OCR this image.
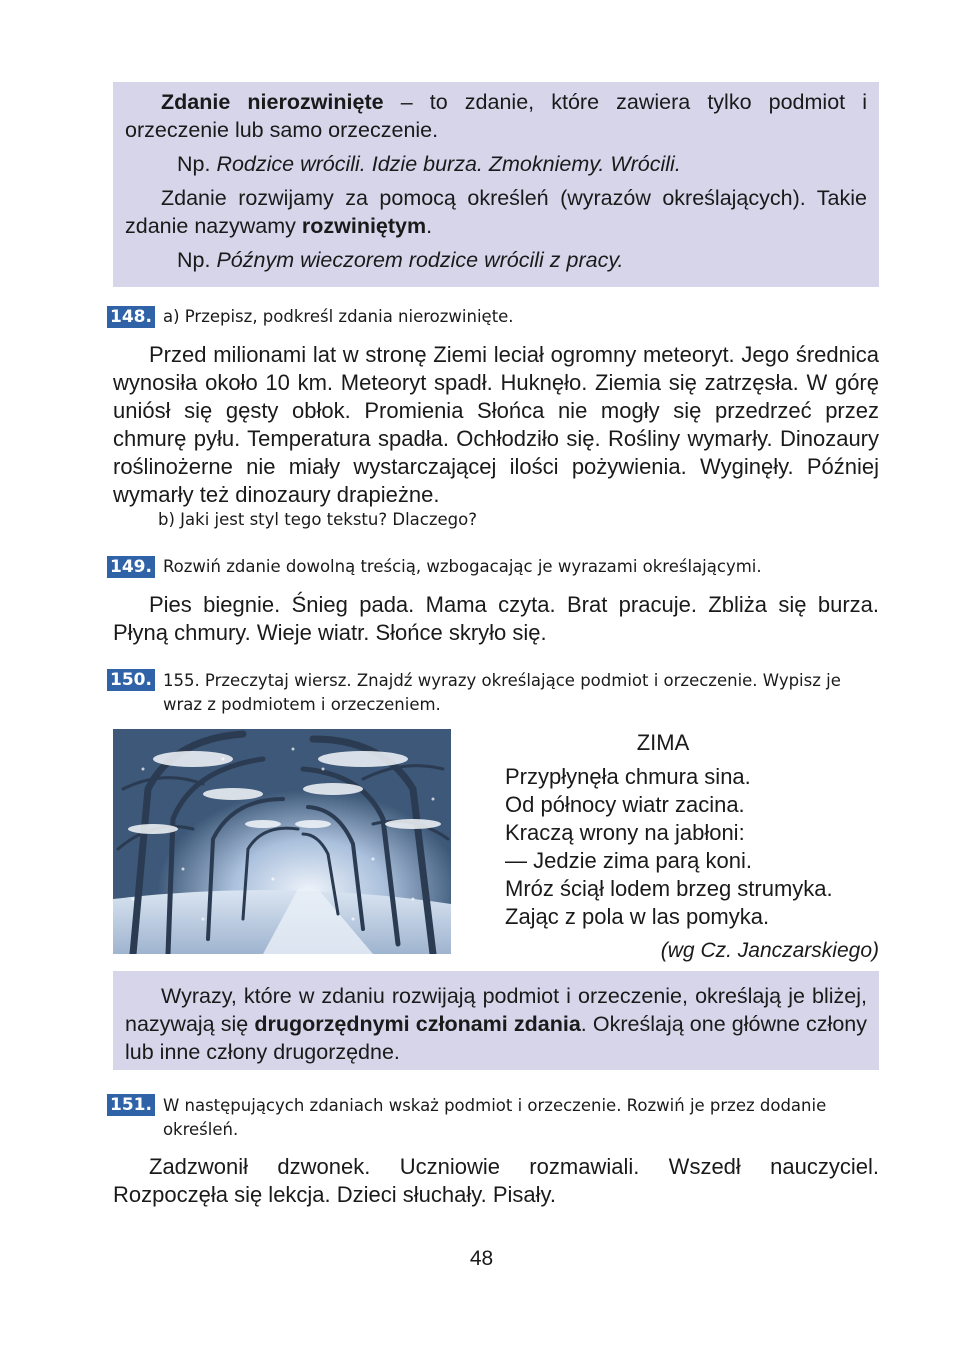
Zdanie nierozwinięte – to zdanie, które zawiera tylko podmiot i orzeczenie lub samo orzeczenie.

Np. Rodzice wrócili. Idzie burza. Zmokniemy. Wrócili.

Zdanie rozwijamy za pomocą określeń (wyrazów określających). Takie zdanie nazywamy rozwiniętym.

Np. Późnym wieczorem rodzice wrócili z pracy.

148. a) Przepisz, podkreśl zdania nierozwinięte.

Przed milionami lat w stronę Ziemi leciał ogromny meteoryt. Jego średnica wynosiła około 10 km. Meteoryt spadł. Huknęło. Ziemia się zatrzęsła. W górę uniósł się gęsty obłok. Promienia Słońca nie mogły się przedrzeć przez chmurę pyłu. Temperatura spadła. Ochłodziło się. Rośliny wymarły. Dinozaury roślinożerne nie miały wystarczającej ilości pożywienia. Wyginęły. Później wymarły też dinozaury drapieżne.

b) Jaki jest styl tego tekstu? Dlaczego?
149. Rozwiń zdanie dowolną treścią, wzbogacając je wyrazami określającymi.

Pies biegnie. Śnieg pada. Mama czyta. Brat pracuje. Zbliża się burza. Płyną chmury. Wieje wiatr. Słońce skryło się.

150. 155. Przeczytaj wiersz. Znajdź wyrazy określające podmiot i orzeczenie. Wypisz je wraz z podmiotem i orzeczeniem.
ZIMA
Przypłynęła chmura sina.
Od północy wiatr zacina.
Kraczą wrony na jabłoni:
— Jedzie zima parą koni.
Mróz ściął lodem brzeg strumyka.
Zając z pola w las pomyka.
(wg Cz. Janczarskiego)

Wyrazy, które w zdaniu rozwijają podmiot i orzeczenie, określają je bliżej, nazywają się drugorzędnymi członami zdania. Określają one główne człony lub inne człony drugorzędne.

151. W następujących zdaniach wskaż podmiot i orzeczenie. Rozwiń je przez dodanie określeń.

Zadzwonił dzwonek. Uczniowie rozmawiali. Wszedł nauczyciel. Rozpoczęła się lekcja. Dzieci słuchały. Pisały.

48
